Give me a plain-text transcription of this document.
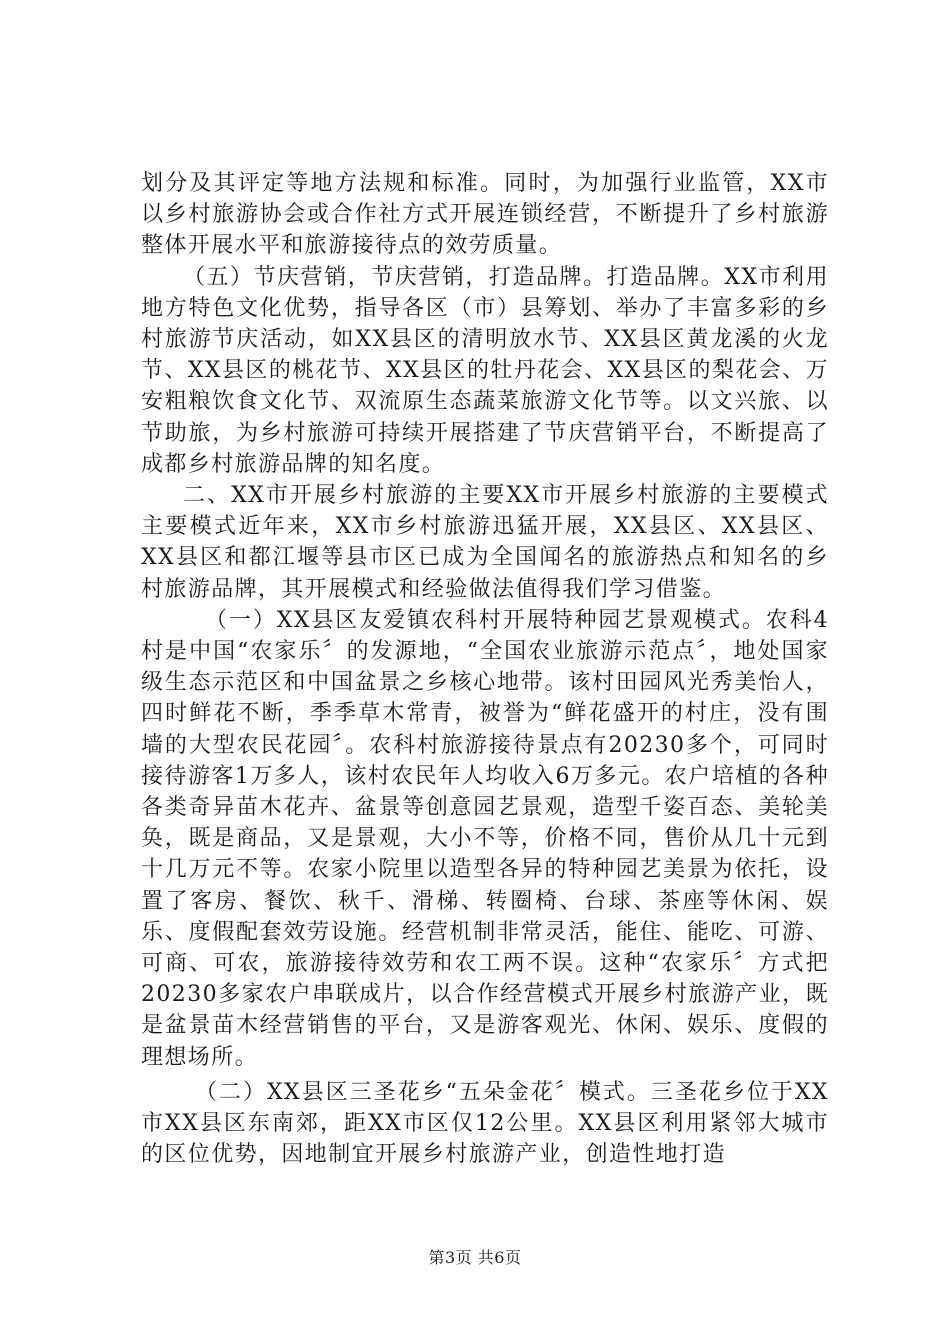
划分及其评定等地方法规和标准。同时，为加强行业监管，XX市以乡村旅游协会或合作社方式开展连锁经营，不断提升了乡村旅游整体开展水平和旅游接待点的效劳质量。

（五）节庆营销，节庆营销，打造品牌。打造品牌。XX市利用地方特色文化优势，指导各区（市）县筹划、举办了丰富多彩的乡村旅游节庆活动，如XX县区的清明放水节、XX县区黄龙溪的火龙节、XX县区的桃花节、XX县区的牡丹花会、XX县区的梨花会、万安粗粮饮食文化节、双流原生态蔬菜旅游文化节等。以文兴旅、以节助旅，为乡村旅游可持续开展搭建了节庆营销平台，不断提高了成都乡村旅游品牌的知名度。

二、XX市开展乡村旅游的主要XX市开展乡村旅游的主要模式主要模式近年来，XX市乡村旅游迅猛开展，XX县区、XX县区、XX县区和都江堰等县市区已成为全国闻名的旅游热点和知名的乡村旅游品牌，其开展模式和经验做法值得我们学习借鉴。

（一）XX县区友爱镇农科村开展特种园艺景观模式。农科4村是中国“农家乐〞的发源地，“全国农业旅游示范点〞，地处国家级生态示范区和中国盆景之乡核心地带。该村田园风光秀美怡人，四时鲜花不断，季季草木常青，被誉为“鲜花盛开的村庄，没有围墙的大型农民花园〞。农科村旅游接待景点有20230多个，可同时接待游客1万多人，该村农民年人均收入6万多元。农户培植的各种各类奇异苗木花卉、盆景等创意园艺景观，造型千姿百态、美轮美奂，既是商品，又是景观，大小不等，价格不同，售价从几十元到十几万元不等。农家小院里以造型各异的特种园艺美景为依托，设置了客房、餐饮、秋千、滑梯、转圈椅、台球、茶座等休闲、娱乐、度假配套效劳设施。经营机制非常灵活，能住、能吃、可游、可商、可农，旅游接待效劳和农工两不误。这种“农家乐〞方式把20230多家农户串联成片，以合作经营模式开展乡村旅游产业，既是盆景苗木经营销售的平台，又是游客观光、休闲、娱乐、度假的理想场所。

（二）XX县区三圣花乡“五朵金花〞模式。三圣花乡位于XX市XX县区东南郊，距XX市区仅12公里。XX县区利用紧邻大城市的区位优势，因地制宜开展乡村旅游产业，创造性地打造

第3页 共6页
